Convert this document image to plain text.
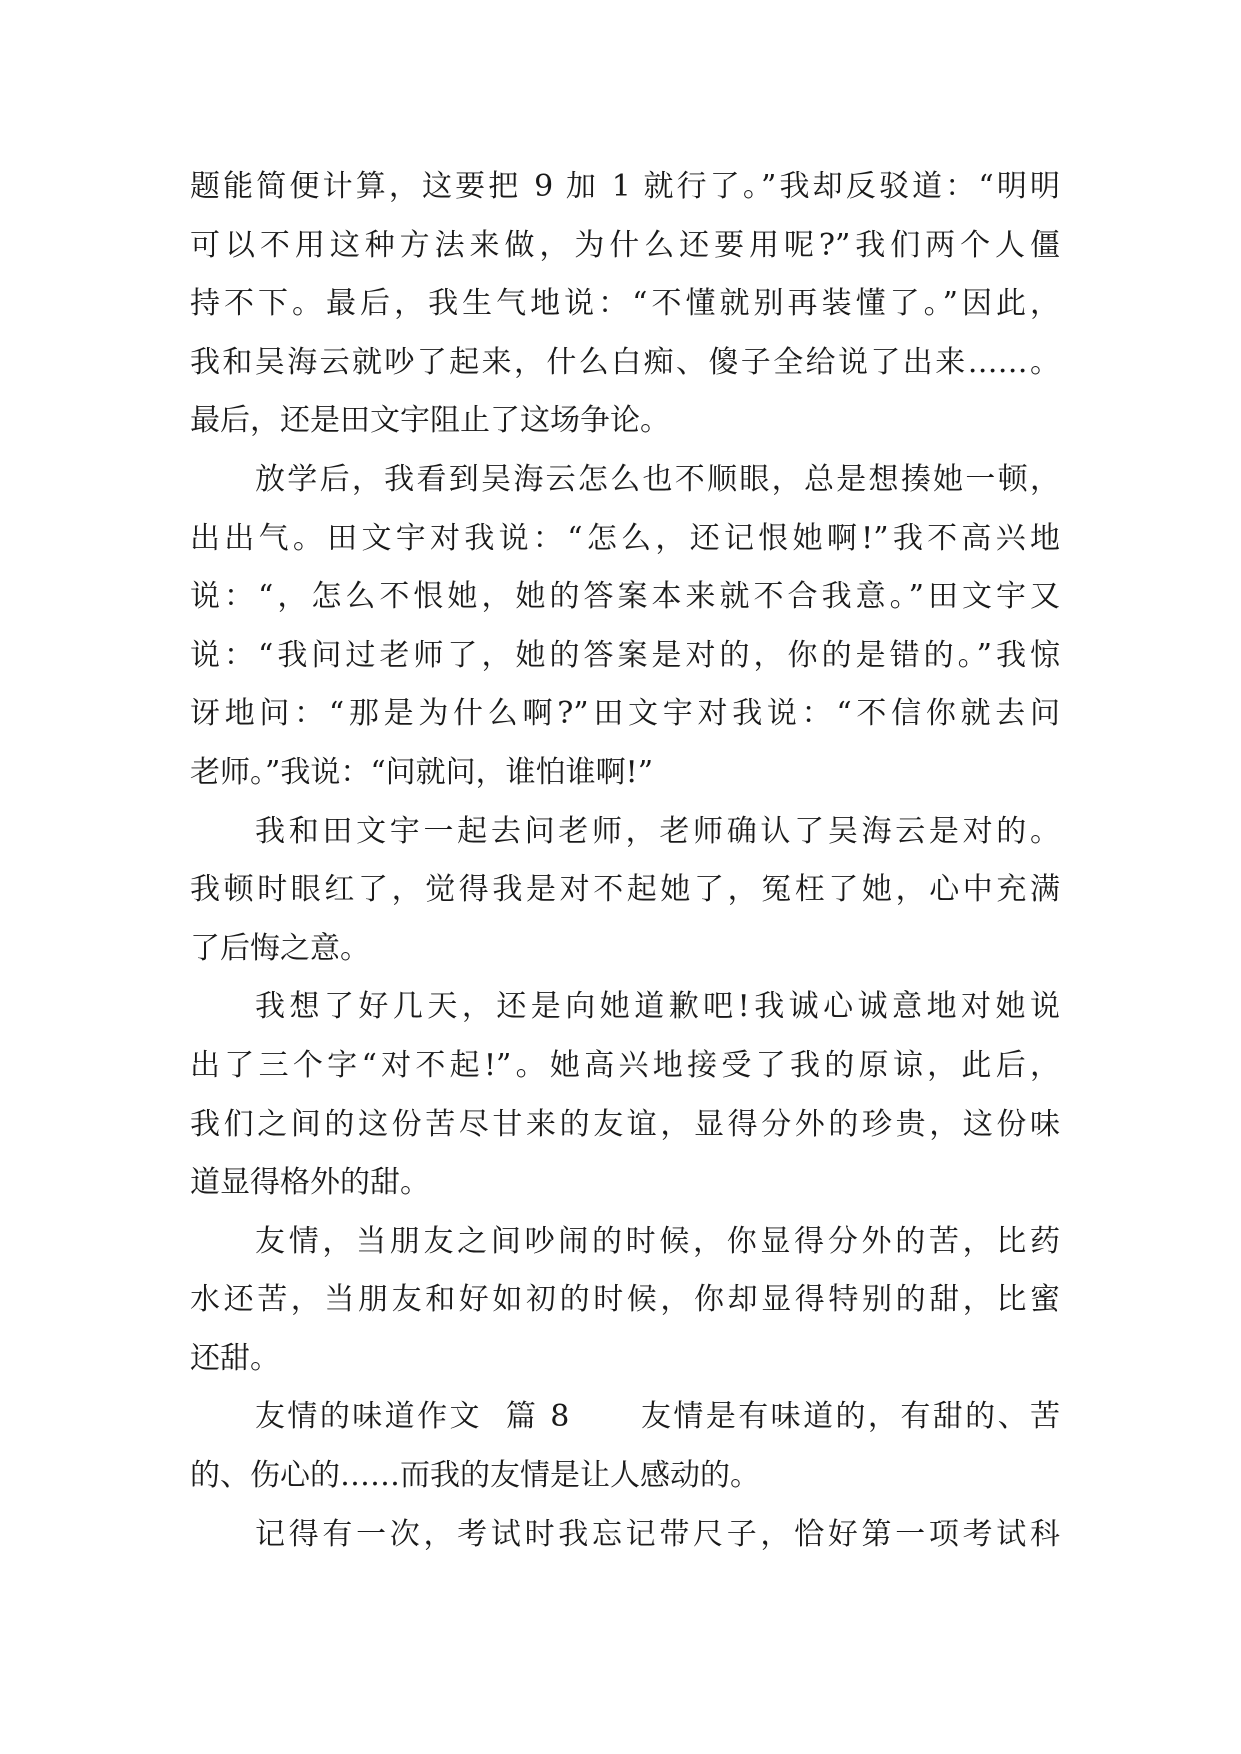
题能简便计算，这要把 9 加 1 就行了。”我却反驳道：“明明
可以不用这种方法来做，为什么还要用呢?”我们两个人僵
持不下。最后，我生气地说：“不懂就别再装懂了。”因此，
我和吴海云就吵了起来，什么白痴、傻子全给说了出来……。
最后，还是田文宇阻止了这场争论。
放学后，我看到吴海云怎么也不顺眼，总是想揍她一顿，
出出气。田文宇对我说：“怎么，还记恨她啊!”我不高兴地
说：“，怎么不恨她，她的答案本来就不合我意。”田文宇又
说：“我问过老师了，她的答案是对的，你的是错的。”我惊
讶地问：“那是为什么啊?”田文宇对我说：“不信你就去问
老师。”我说：“问就问，谁怕谁啊!”
我和田文宇一起去问老师，老师确认了吴海云是对的。
我顿时眼红了，觉得我是对不起她了，冤枉了她，心中充满
了后悔之意。
我想了好几天，还是向她道歉吧!我诚心诚意地对她说
出了三个字“对不起!”。她高兴地接受了我的原谅，此后，
我们之间的这份苦尽甘来的友谊，显得分外的珍贵，这份味
道显得格外的甜。
友情，当朋友之间吵闹的时候，你显得分外的苦，比药
水还苦，当朋友和好如初的时候，你却显得特别的甜，比蜜
还甜。
友情的味道作文  篇 8      友情是有味道的，有甜的、苦
的、伤心的……而我的友情是让人感动的。
记得有一次，考试时我忘记带尺子，恰好第一项考试科
